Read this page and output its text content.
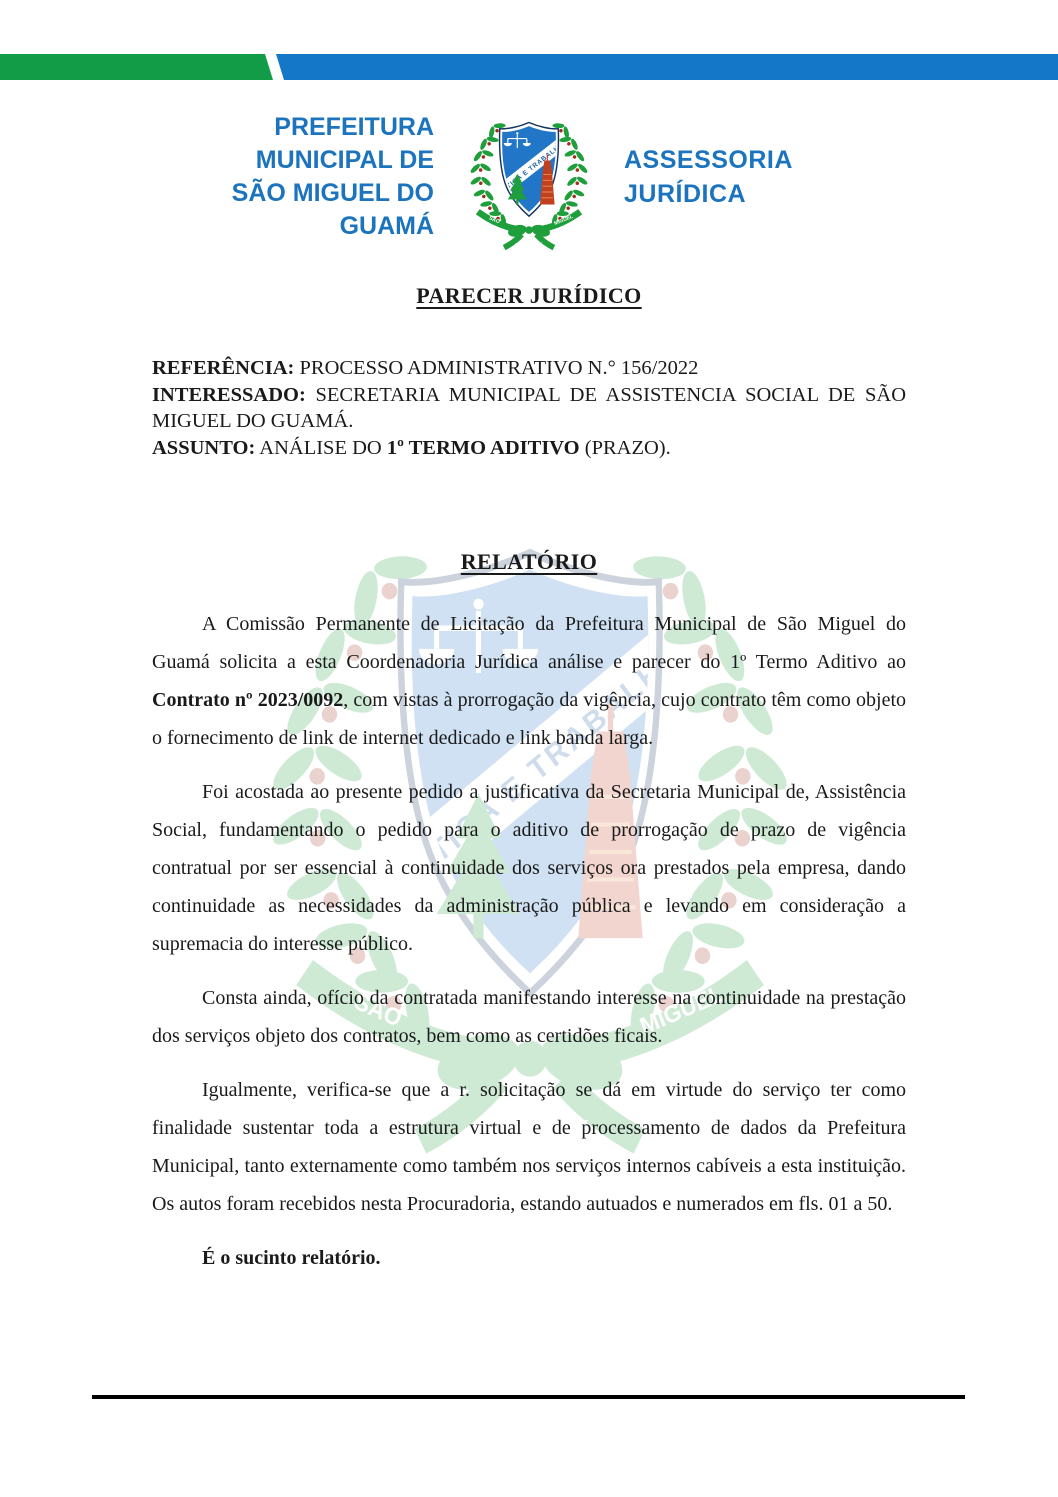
PREFEITURA
MUNICIPAL DE
SÃO MIGUEL DO GUAMÁ
ASSESSORIA
JURÍDICA
PARECER JURÍDICO
REFERÊNCIA: PROCESSO ADMINISTRATIVO N.° 156/2022
INTERESSADO: SECRETARIA MUNICIPAL DE ASSISTENCIA SOCIAL DE SÃO MIGUEL DO GUAMÁ.
ASSUNTO: ANÁLISE DO 1º TERMO ADITIVO (PRAZO).
RELATÓRIO

A Comissão Permanente de Licitação da Prefeitura Municipal de São Miguel do Guamá solicita a esta Coordenadoria Jurídica análise e parecer do 1º Termo Aditivo ao Contrato nº 2023/0092, com vistas à prorrogação da vigência, cujo contrato têm como objeto o fornecimento de link de internet dedicado e link banda larga.

Foi acostada ao presente pedido a justificativa da Secretaria Municipal de, Assistência Social, fundamentando o pedido para o aditivo de prorrogação de prazo de vigência contratual por ser essencial à continuidade dos serviços ora prestados pela empresa, dando continuidade as necessidades da administração pública e levando em consideração a supremacia do interesse público.

Consta ainda, ofício da contratada manifestando interesse na continuidade na prestação dos serviços objeto dos contratos, bem como as certidões ficais.

Igualmente, verifica-se que a r. solicitação se dá em virtude do serviço ter como finalidade sustentar toda a estrutura virtual e de processamento de dados da Prefeitura Municipal, tanto externamente como também nos serviços internos cabíveis a esta instituição. Os autos foram recebidos nesta Procuradoria, estando autuados e numerados em fls. 01 a 50.

É o sucinto relatório.
